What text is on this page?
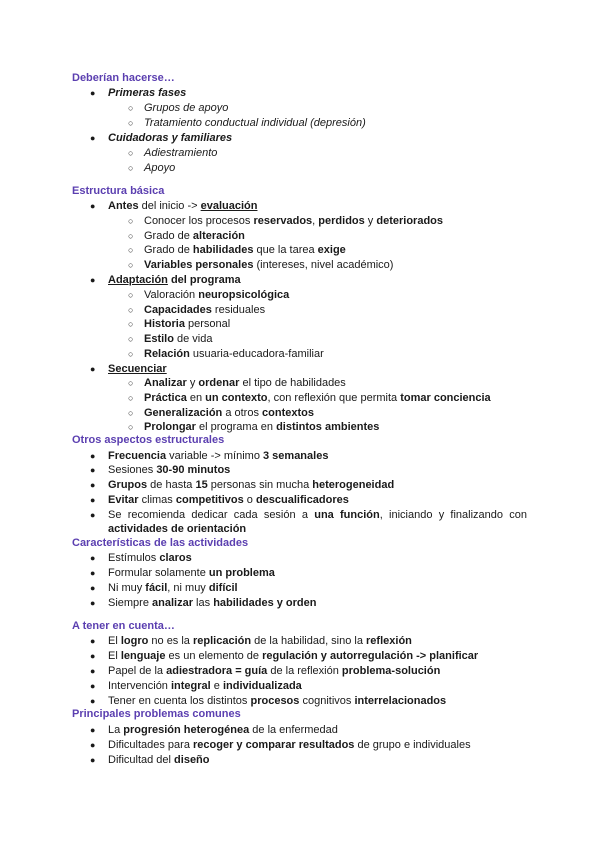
Deberían hacerse…
● Primeras fases
○ Grupos de apoyo
○ Tratamiento conductual individual (depresión)
● Cuidadoras y familiares
○ Adiestramiento
○ Apoyo
Estructura básica
● Antes del inicio -> evaluación
○ Conocer los procesos reservados, perdidos y deteriorados
○ Grado de alteración
○ Grado de habilidades que la tarea exige
○ Variables personales (intereses, nivel académico)
● Adaptación del programa
○ Valoración neuropsicológica
○ Capacidades residuales
○ Historia personal
○ Estilo de vida
○ Relación usuaria-educadora-familiar
● Secuenciar
○ Analizar y ordenar el tipo de habilidades
○ Práctica en un contexto, con reflexión que permita tomar conciencia
○ Generalización a otros contextos
○ Prolongar el programa en distintos ambientes
Otros aspectos estructurales
● Frecuencia variable -> mínimo 3 semanales
● Sesiones 30-90 minutos
● Grupos de hasta 15 personas sin mucha heterogeneidad
● Evitar climas competitivos o descualificadores
● Se recomienda dedicar cada sesión a una función, iniciando y finalizando con
actividades de orientación
Características de las actividades
● Estímulos claros
● Formular solamente un problema
● Ni muy fácil, ni muy difícil
● Siempre analizar las habilidades y orden
A tener en cuenta…
● El logro no es la replicación de la habilidad, sino la reflexión
● El lenguaje es un elemento de regulación y autorregulación -> planificar
● Papel de la adiestradora = guía de la reflexión problema-solución
● Intervención integral e individualizada
● Tener en cuenta los distintos procesos cognitivos interrelacionados
Principales problemas comunes
● La progresión heterogénea de la enfermedad
● Dificultades para recoger y comparar resultados de grupo e individuales
● Dificultad del diseño
